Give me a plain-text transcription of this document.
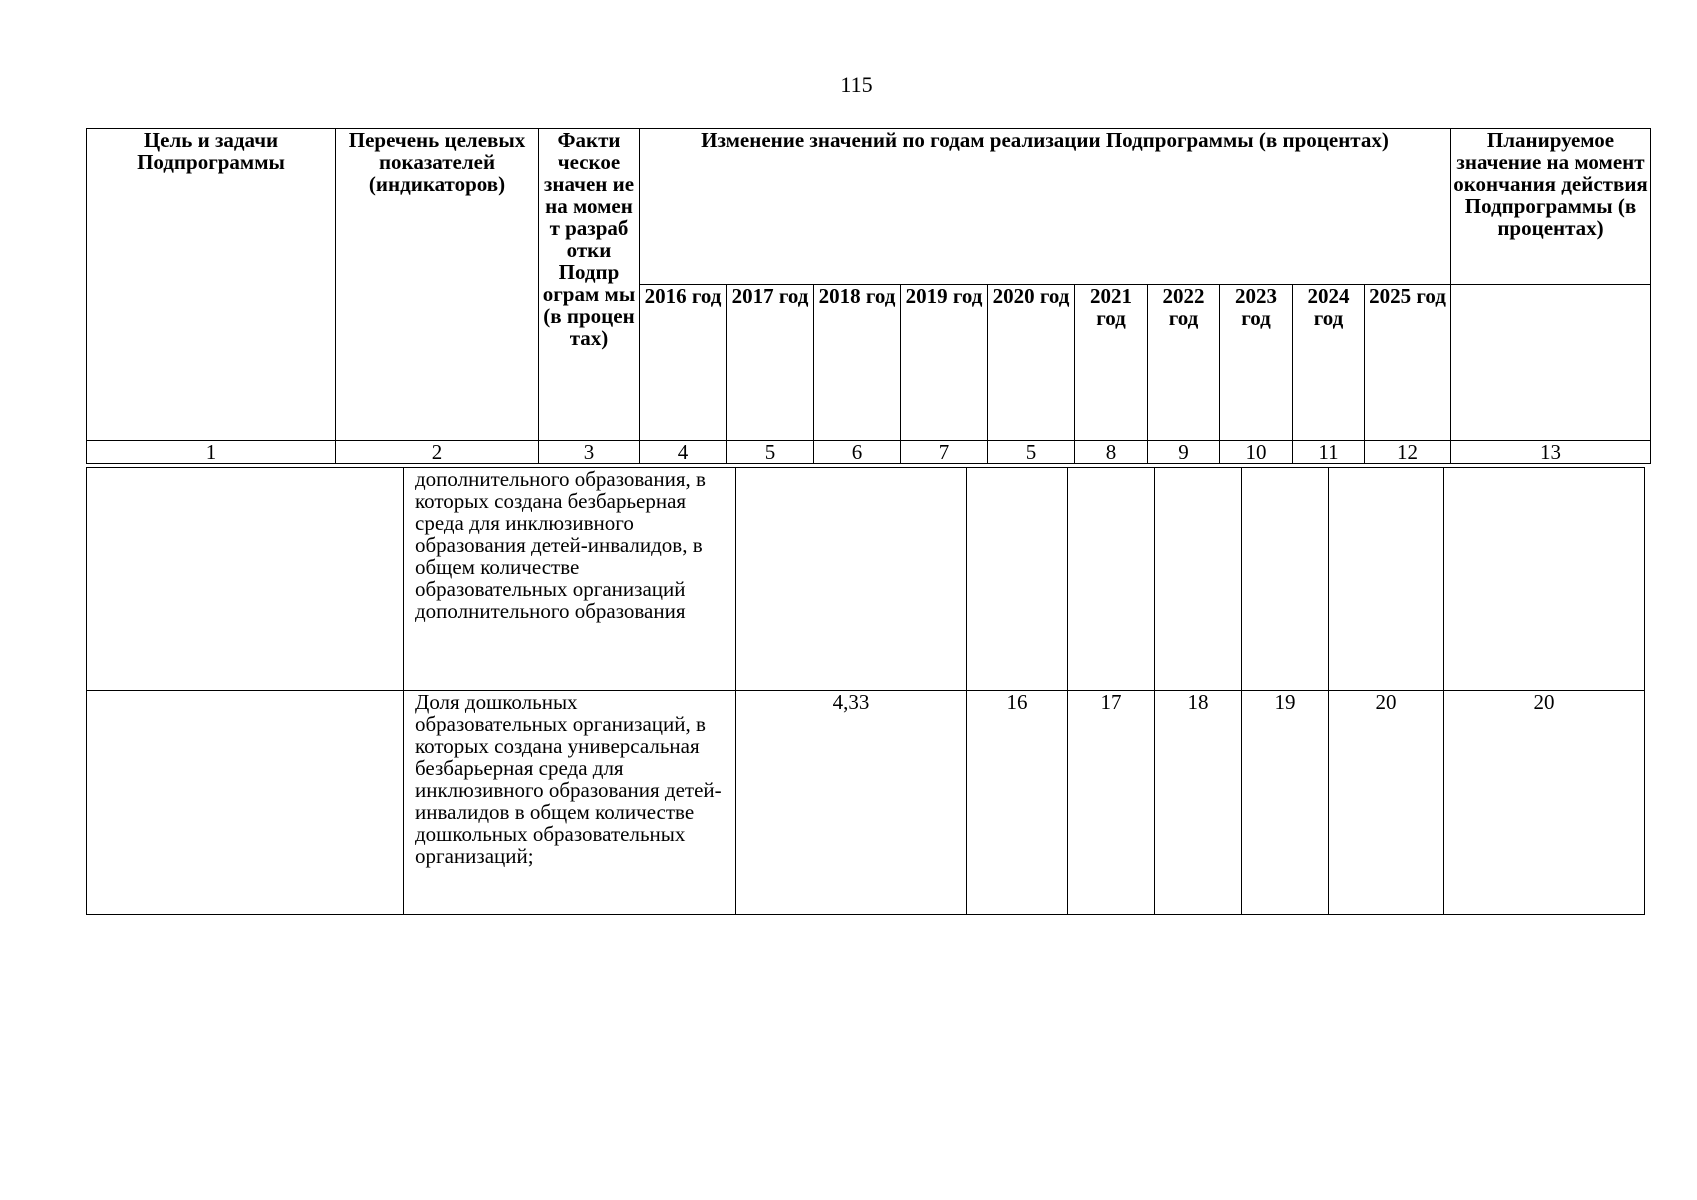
115
Цель и задачи Подпрограммы	Перечень целевых показателей (индикаторов)	Факти ческое значен ие на момен т разраб отки Подпр ограм мы (в процен тах)	Изменение значений по годам реализации Подпрограммы (в процентах)										Планируемое значение на момент окончания действия Подпрограммы (в процентах)
			2016 год	2017 год	2018 год	2019 год	2020 год	2021 год	2022 год	2023 год	2024 год	2025 год	
1	2	3	4	5	6	7	5	8	9	10	11	12	13
	дополнительного образования, в которых создана безбарьерная среда для инклюзивного образования детей-инвалидов, в общем количестве образовательных организаций дополнительного образования							
	Доля дошкольных образовательных организаций, в которых создана универсальная безбарьерная среда для инклюзивного образования детей-инвалидов в общем количестве дошкольных образовательных организаций;	4,33	16	17	18	19	20	20
